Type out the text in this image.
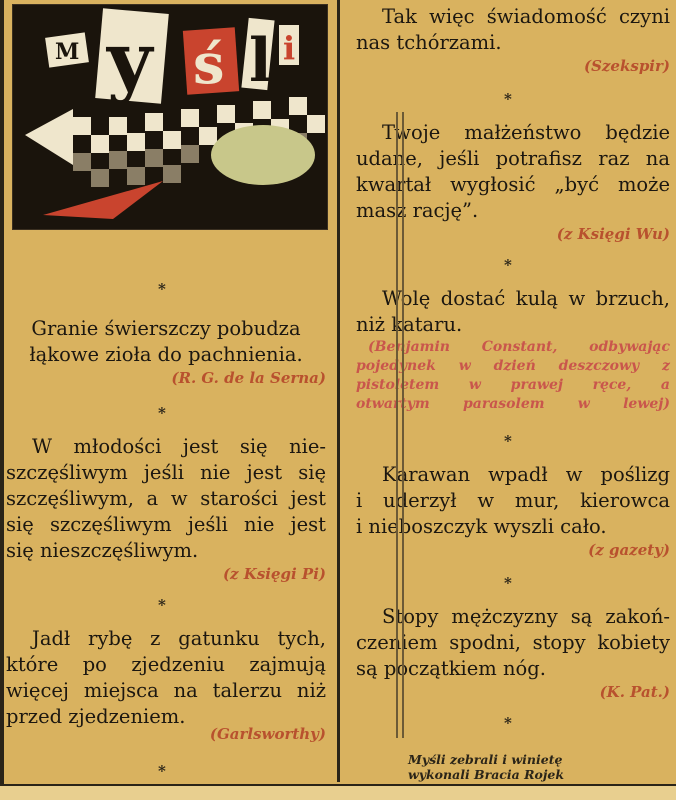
M y ś l i
*
Granie świerszczy pobudza
łąkowe zioła do pachnienia.
(R. G. de la Serna)
*
W młodości jest się nie-
szczęśliwym jeśli nie jest się
szczęśliwym, a w starości jest
się szczęśliwym jeśli nie jest
się nieszczęśliwym.
(z Księgi Pi)
*
Jadł rybę z gatunku tych,
które po zjedzeniu zajmują
więcej miejsca na talerzu niż
przed zjedzeniem.
(Garlsworthy)
*
Tak więc świadomość czyni
nas tchórzami.
(Szekspir)
*
Twoje małżeństwo będzie
udane, jeśli potrafisz raz na
kwartał wygłosić „być może
masz rację”.
(z Księgi Wu)
*
Wolę dostać kulą w brzuch,
niż kataru.
(Benjamin Constant, odbywając
pojedynek w dzień deszczowy z
pistoletem w prawej ręce, a
otwartym parasolem w lewej)
*
Karawan wpadł w poślizg
i uderzył w mur, kierowca
i nieboszczyk wyszli cało.
(z gazety)
*
Stopy mężczyzny są zakoń-
czeniem spodni, stopy kobiety
są początkiem nóg.
(K. Pat.)
*
Myśli zebrali i winietę
wykonali Bracia Rojek
